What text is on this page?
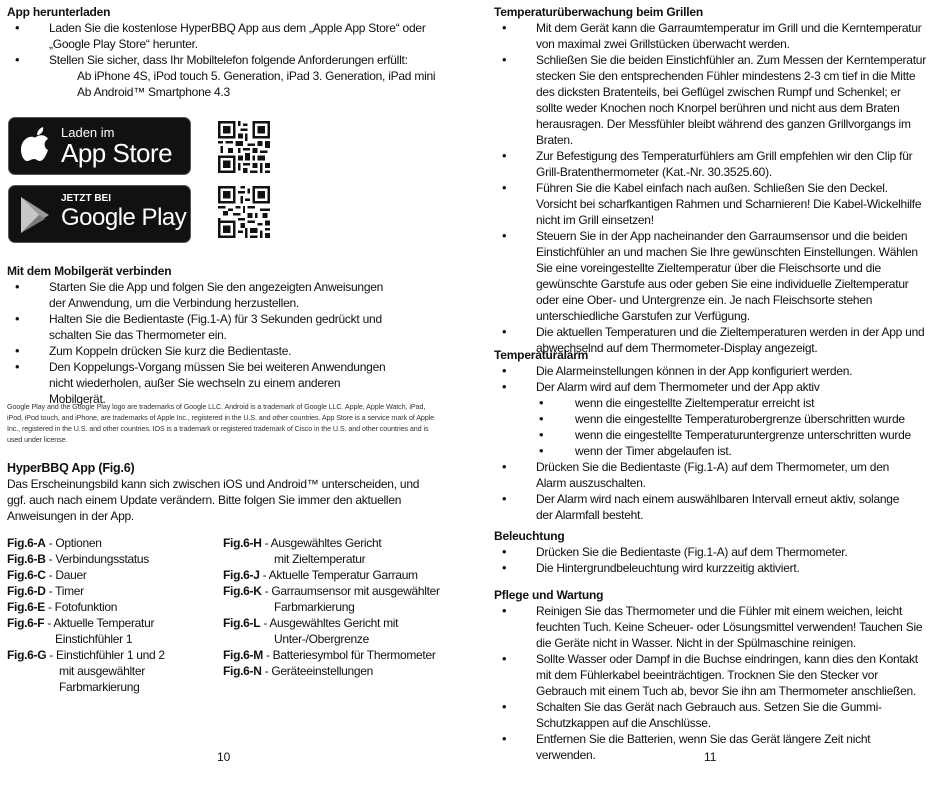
App herunterladen
• Laden Sie die kostenlose HyperBBQ App aus dem „Apple App Store“ oder „Google Play Store“ herunter.
• Stellen Sie sicher, dass Ihr Mobiltelefon folgende Anforderungen erfüllt:
Ab iPhone 4S, iPod touch 5. Generation, iPad 3. Generation, iPad mini
Ab Android™ Smartphone 4.3
Laden im
App Store
JETZT BEI
Google Play
Mit dem Mobilgerät verbinden
• Starten Sie die App und folgen Sie den angezeigten Anweisungen der Anwendung, um die Verbindung herzustellen.
• Halten Sie die Bedientaste (Fig.1-A) für 3 Sekunden gedrückt und schalten Sie das Thermometer ein.
• Zum Koppeln drücken Sie kurz die Bedientaste.
• Den Koppelungs-Vorgang müssen Sie bei weiteren Anwendungen nicht wiederholen, außer Sie wechseln zu einem anderen Mobilgerät.
Google Play and the Google Play logo are trademarks of Google LLC. Android is a trademark of Google LLC. Apple, Apple Watch, iPad, iPod, iPod touch, and iPhone, are trademarks of Apple Inc., registered in the U.S. and other countries. App Store is a service mark of Apple Inc., registered in the U.S. and other countries. IOS is a trademark or registered trademark of Cisco in the U.S. and other countries and is used under license.
HyperBBQ App (Fig.6)
Das Erscheinungsbild kann sich zwischen iOS und Android™ unterscheiden, und ggf. auch nach einem Update verändern. Bitte folgen Sie immer den aktuellen Anweisungen in der App.
Fig.6-A - Optionen
Fig.6-B - Verbindungsstatus
Fig.6-C - Dauer
Fig.6-D - Timer
Fig.6-E - Fotofunktion
Fig.6-F - Aktuelle Temperatur
Einstichfühler 1
Fig.6-G - Einstichfühler 1 und 2
mit ausgewählter Farbmarkierung
Fig.6-H - Ausgewähltes Gericht
mit Zieltemperatur
Fig.6-J - Aktuelle Temperatur Garraum
Fig.6-K - Garraumsensor mit ausgewählter
Farbmarkierung
Fig.6-L - Ausgewähltes Gericht mit
Unter-/Obergrenze
Fig.6-M - Batteriesymbol für Thermometer
Fig.6-N - Geräteeinstellungen
10
Temperaturüberwachung beim Grillen
• Mit dem Gerät kann die Garraumtemperatur im Grill und die Kerntemperatur von maximal zwei Grillstücken überwacht werden.
• Schließen Sie die beiden Einstichfühler an. Zum Messen der Kerntemperatur stecken Sie den entsprechenden Fühler mindestens 2-3 cm tief in die Mitte des dicksten Bratenteils, bei Geflügel zwischen Rumpf und Schenkel; er sollte weder Knochen noch Knorpel berühren und nicht aus dem Braten herausragen. Der Messfühler bleibt während des ganzen Grillvorgangs im Braten.
• Zur Befestigung des Temperaturfühlers am Grill empfehlen wir den Clip für Grill-Bratenthermometer (Kat.-Nr. 30.3525.60).
• Führen Sie die Kabel einfach nach außen. Schließen Sie den Deckel. Vorsicht bei scharfkantigen Rahmen und Scharnieren! Die Kabel-Wickelhilfe nicht im Grill einsetzen!
• Steuern Sie in der App nacheinander den Garraumsensor und die beiden Einstichfühler an und machen Sie Ihre gewünschten Einstellungen. Wählen Sie eine voreingestellte Zieltemperatur über die Fleischsorte und die gewünschte Garstufe aus oder geben Sie eine individuelle Zieltemperatur oder eine Ober- und Untergrenze ein. Je nach Fleischsorte stehen unterschiedliche Garstufen zur Verfügung.
• Die aktuellen Temperaturen und die Zieltemperaturen werden in der App und abwechselnd auf dem Thermometer-Display angezeigt.
Temperaturalarm
• Die Alarmeinstellungen können in der App konfiguriert werden.
• Der Alarm wird auf dem Thermometer und der App aktiv
• wenn die eingestellte Zieltemperatur erreicht ist
• wenn die eingestellte Temperaturobergrenze überschritten wurde
• wenn die eingestellte Temperaturuntergrenze unterschritten wurde
• wenn der Timer abgelaufen ist.
• Drücken Sie die Bedientaste (Fig.1-A) auf dem Thermometer, um den Alarm auszuschalten.
• Der Alarm wird nach einem auswählbaren Intervall erneut aktiv, solange der Alarmfall besteht.
Beleuchtung
• Drücken Sie die Bedientaste (Fig.1-A) auf dem Thermometer.
• Die Hintergrundbeleuchtung wird kurzzeitig aktiviert.
Pflege und Wartung
• Reinigen Sie das Thermometer und die Fühler mit einem weichen, leicht feuchten Tuch. Keine Scheuer- oder Lösungsmittel verwenden! Tauchen Sie die Geräte nicht in Wasser. Nicht in der Spülmaschine reinigen.
• Sollte Wasser oder Dampf in die Buchse eindringen, kann dies den Kontakt mit dem Fühlerkabel beeinträchtigen. Trocknen Sie den Stecker vor Gebrauch mit einem Tuch ab, bevor Sie ihn am Thermometer anschließen.
• Schalten Sie das Gerät nach Gebrauch aus. Setzen Sie die Gummi-Schutzkappen auf die Anschlüsse.
• Entfernen Sie die Batterien, wenn Sie das Gerät längere Zeit nicht verwenden.	11
